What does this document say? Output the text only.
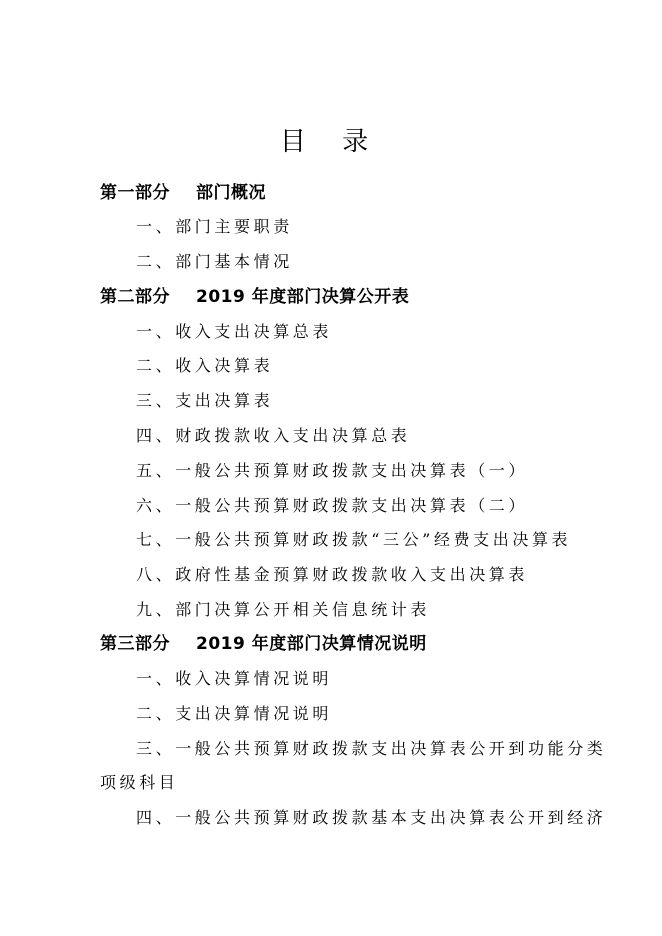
目 录
第一部分 部门概况
一、部门主要职责
二、部门基本情况
第二部分 2019 年度部门决算公开表
一、收入支出决算总表
二、收入决算表
三、支出决算表
四、财政拨款收入支出决算总表
五、一般公共预算财政拨款支出决算表（一）
六、一般公共预算财政拨款支出决算表（二）
七、一般公共预算财政拨款“三公”经费支出决算表
八、政府性基金预算财政拨款收入支出决算表
九、部门决算公开相关信息统计表
第三部分 2019 年度部门决算情况说明
一、收入决算情况说明
二、支出决算情况说明
三、一般公共预算财政拨款支出决算表公开到功能分类
项级科目
四、一般公共预算财政拨款基本支出决算表公开到经济
